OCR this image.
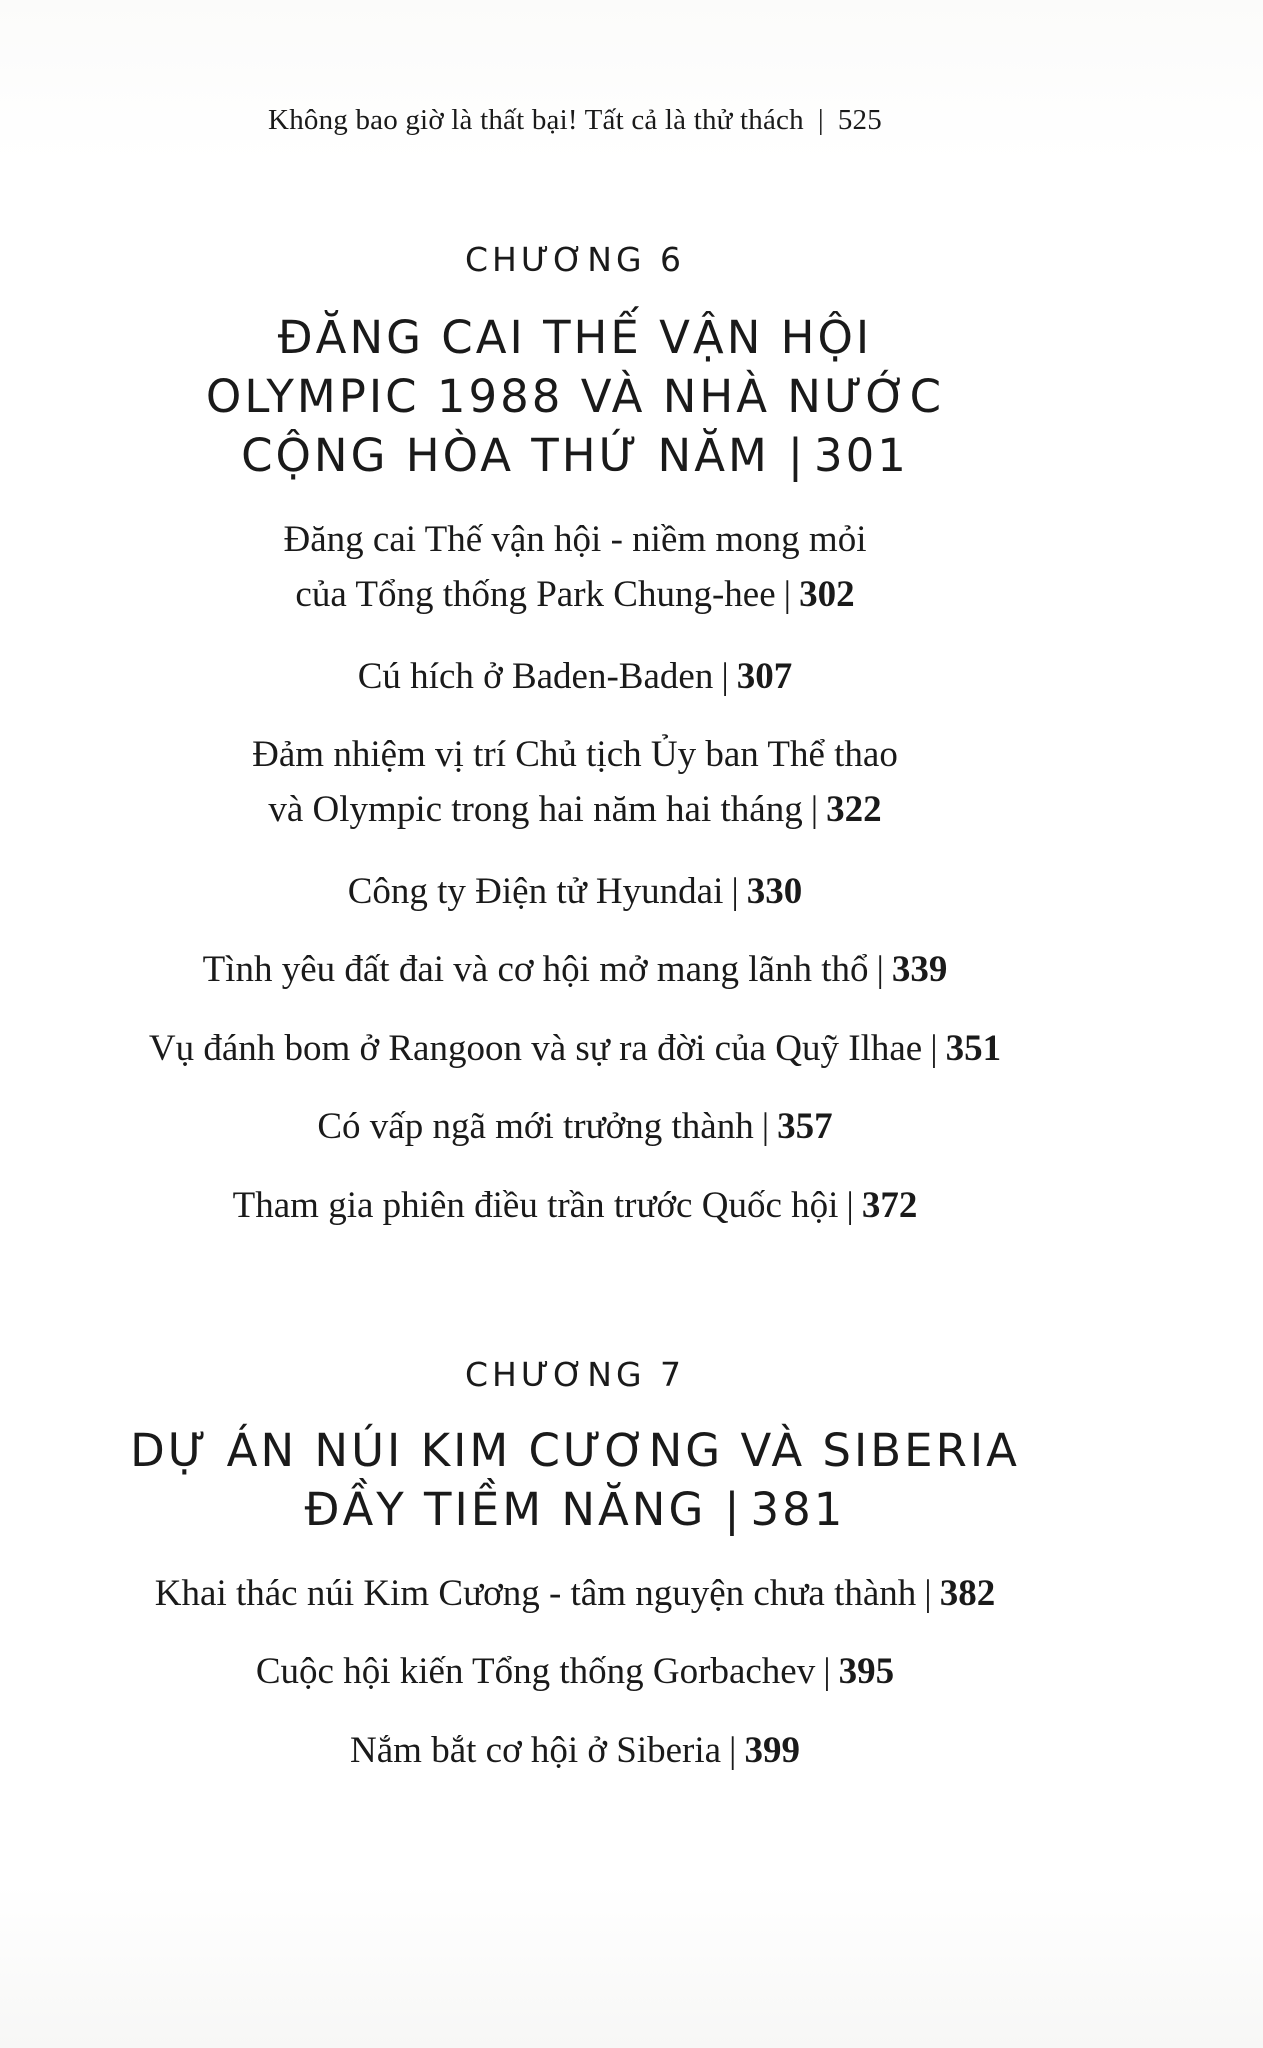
Không bao giờ là thất bại! Tất cả là thử thách | 525

CHƯƠNG 6

ĐĂNG CAI THẾ VẬN HỘI

OLYMPIC 1988 VÀ NHÀ NƯỚC

CỘNG HÒA THỨ NĂM | 301

Đăng cai Thế vận hội - niềm mong mỏi

của Tổng thống Park Chung-hee | 302

Cú hích ở Baden-Baden | 307

Đảm nhiệm vị trí Chủ tịch Ủy ban Thể thao

và Olympic trong hai năm hai tháng | 322

Công ty Điện tử Hyundai | 330

Tình yêu đất đai và cơ hội mở mang lãnh thổ | 339

Vụ đánh bom ở Rangoon và sự ra đời của Quỹ Ilhae | 351

Có vấp ngã mới trưởng thành | 357

Tham gia phiên điều trần trước Quốc hội | 372

CHƯƠNG 7

DỰ ÁN NÚI KIM CƯƠNG VÀ SIBERIA

ĐẦY TIỀM NĂNG | 381

Khai thác núi Kim Cương - tâm nguyện chưa thành | 382

Cuộc hội kiến Tổng thống Gorbachev | 395

Nắm bắt cơ hội ở Siberia | 399
